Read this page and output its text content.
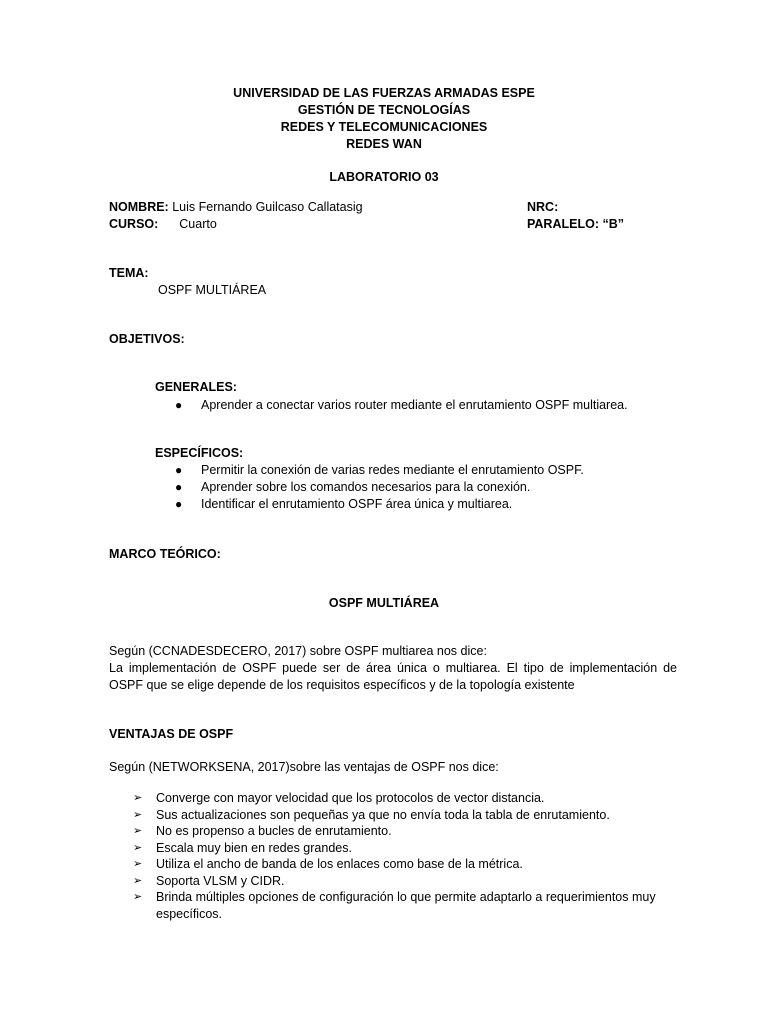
UNIVERSIDAD DE LAS FUERZAS ARMADAS ESPE
GESTIÓN DE TECNOLOGÍAS
REDES Y TELECOMUNICACIONES
REDES WAN
LABORATORIO 03
NOMBRE: Luis Fernando Guilcaso Callatasig	NRC:
CURSO: Cuarto	PARALELO: “B”
TEMA:
OSPF MULTIÁREA
OBJETIVOS:
GENERALES:
●	Aprender a conectar varios router mediante el enrutamiento OSPF multiarea.
ESPECÍFICOS:
●	Permitir la conexión de varias redes mediante el enrutamiento OSPF.
●	Aprender sobre los comandos necesarios para la conexión.
●	Identificar el enrutamiento OSPF área única y multiarea.
MARCO TEÓRICO:
OSPF MULTIÁREA
Según (CCNADESDECERO, 2017) sobre OSPF multiarea nos dice:
La implementación de OSPF puede ser de área única o multiarea. El tipo de implementación de OSPF que se elige depende de los requisitos específicos y de la topología existente
VENTAJAS DE OSPF
Según (NETWORKSENA, 2017)sobre las ventajas de OSPF nos dice:
➢ Converge con mayor velocidad que los protocolos de vector distancia.
➢ Sus actualizaciones son pequeñas ya que no envía toda la tabla de enrutamiento.
➢ No es propenso a bucles de enrutamiento.
➢ Escala muy bien en redes grandes.
➢ Utiliza el ancho de banda de los enlaces como base de la métrica.
➢ Soporta VLSM y CIDR.
➢ Brinda múltiples opciones de configuración lo que permite adaptarlo a requerimientos muy específicos.
